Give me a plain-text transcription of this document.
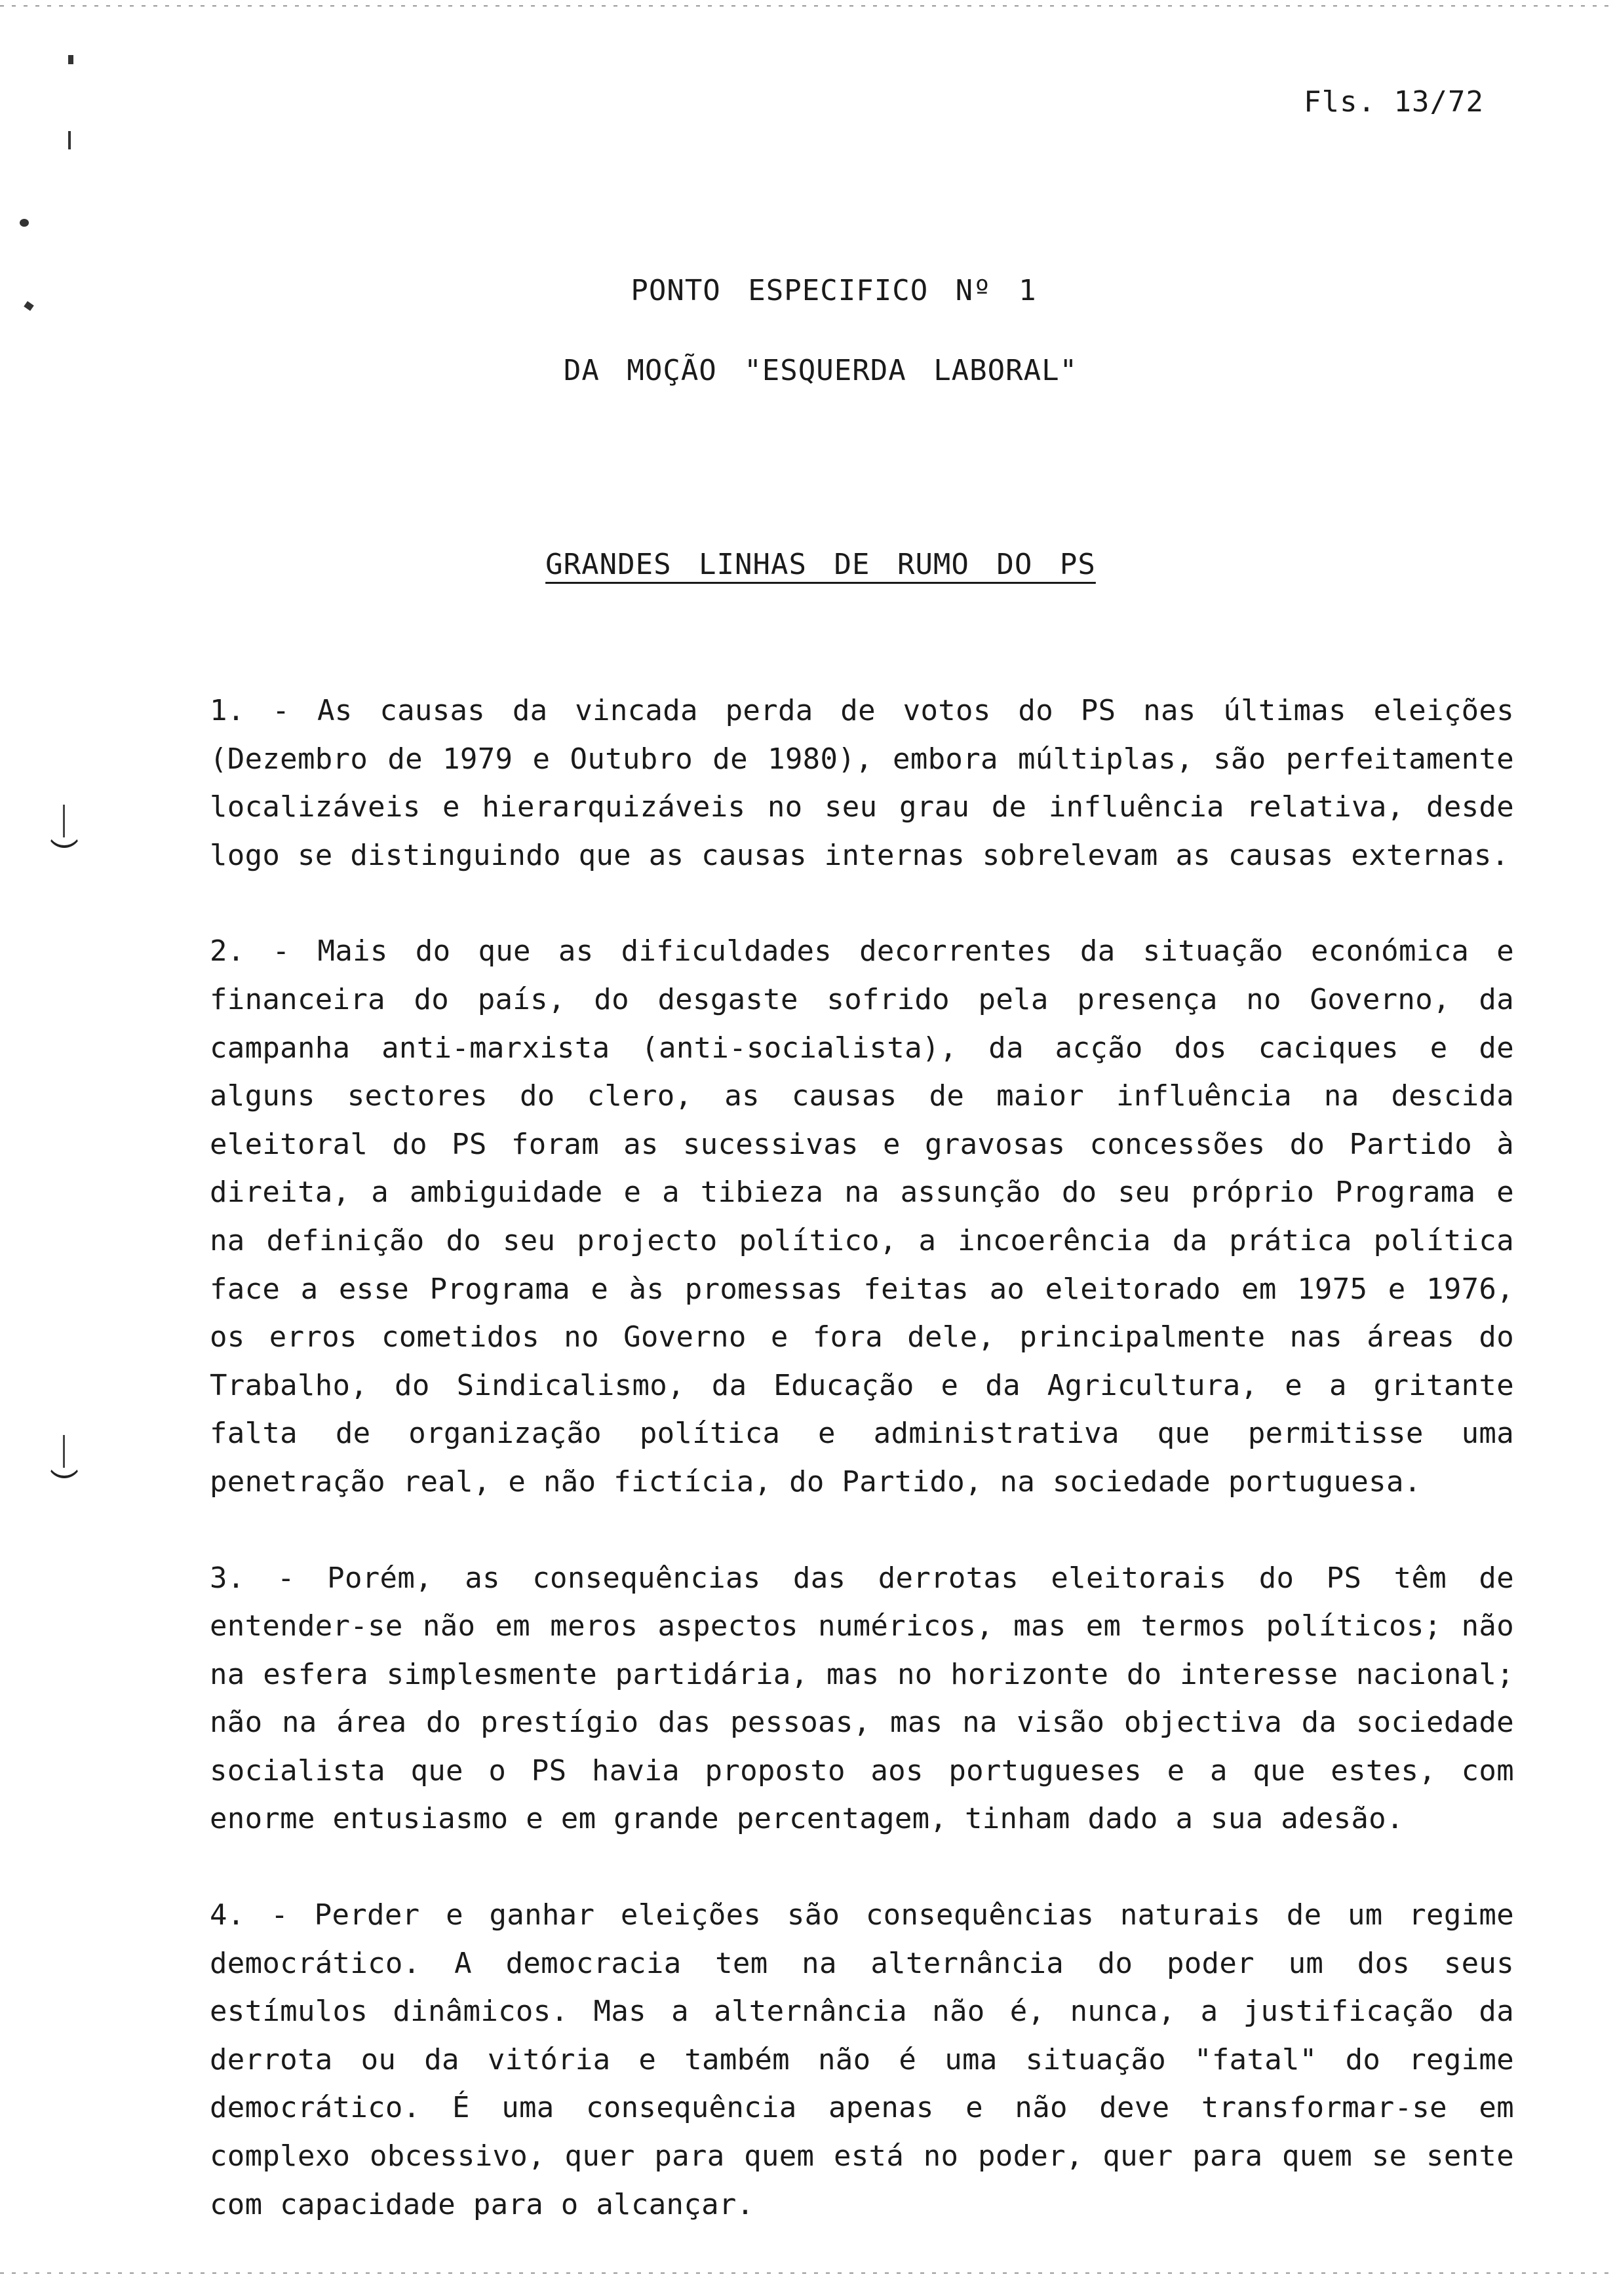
Fls. 13/72
PONTO ESPECIFICO Nº 1
DA MOÇÃO "ESQUERDA LABORAL"
GRANDES LINHAS DE RUMO DO PS

1. - As causas da vincada perda de votos do PS nas últimas eleições (Dezembro de 1979 e Outubro de 1980), embora múltiplas, são perfeitamente localizáveis e hierarquizáveis no seu grau de influência relativa, desde logo se distinguindo que as causas internas sobrelevam as causas externas.

2. - Mais do que as dificuldades decorrentes da situação económica e financeira do país, do desgaste sofrido pela presença no Governo, da campanha anti-marxista (anti-socialista), da acção dos caciques e de alguns sectores do clero, as causas de maior influência na descida eleitoral do PS foram as sucessivas e gravosas concessões do Partido à direita, a ambiguidade e a tibieza na assunção do seu próprio Programa e na definição do seu projecto político, a incoerência da prática política face a esse Programa e às promessas feitas ao eleitorado em 1975 e 1976, os erros cometidos no Governo e fora dele, principalmente nas áreas do Trabalho, do Sindicalismo, da Educação e da Agricultura, e a gritante falta de organização política e administrativa que permitisse uma penetração real, e não fictícia, do Partido, na sociedade portuguesa.

3. - Porém, as consequências das derrotas eleitorais do PS têm de entender-se não em meros aspectos numéricos, mas em termos políticos; não na esfera simplesmente partidária, mas no horizonte do interesse nacional; não na área do prestígio das pessoas, mas na visão objectiva da sociedade socialista que o PS havia proposto aos portugueses e a que estes, com enorme entusiasmo e em grande percentagem, tinham dado a sua adesão.

4. - Perder e ganhar eleições são consequências naturais de um regime democrático. A democracia tem na alternância do poder um dos seus estímulos dinâmicos. Mas a alternância não é, nunca, a justificação da derrota ou da vitória e também não é uma situação "fatal" do regime democrático. É uma consequência apenas e não deve transformar-se em complexo obcessivo, quer para quem está no poder, quer para quem se sente com capacidade para o alcançar.
